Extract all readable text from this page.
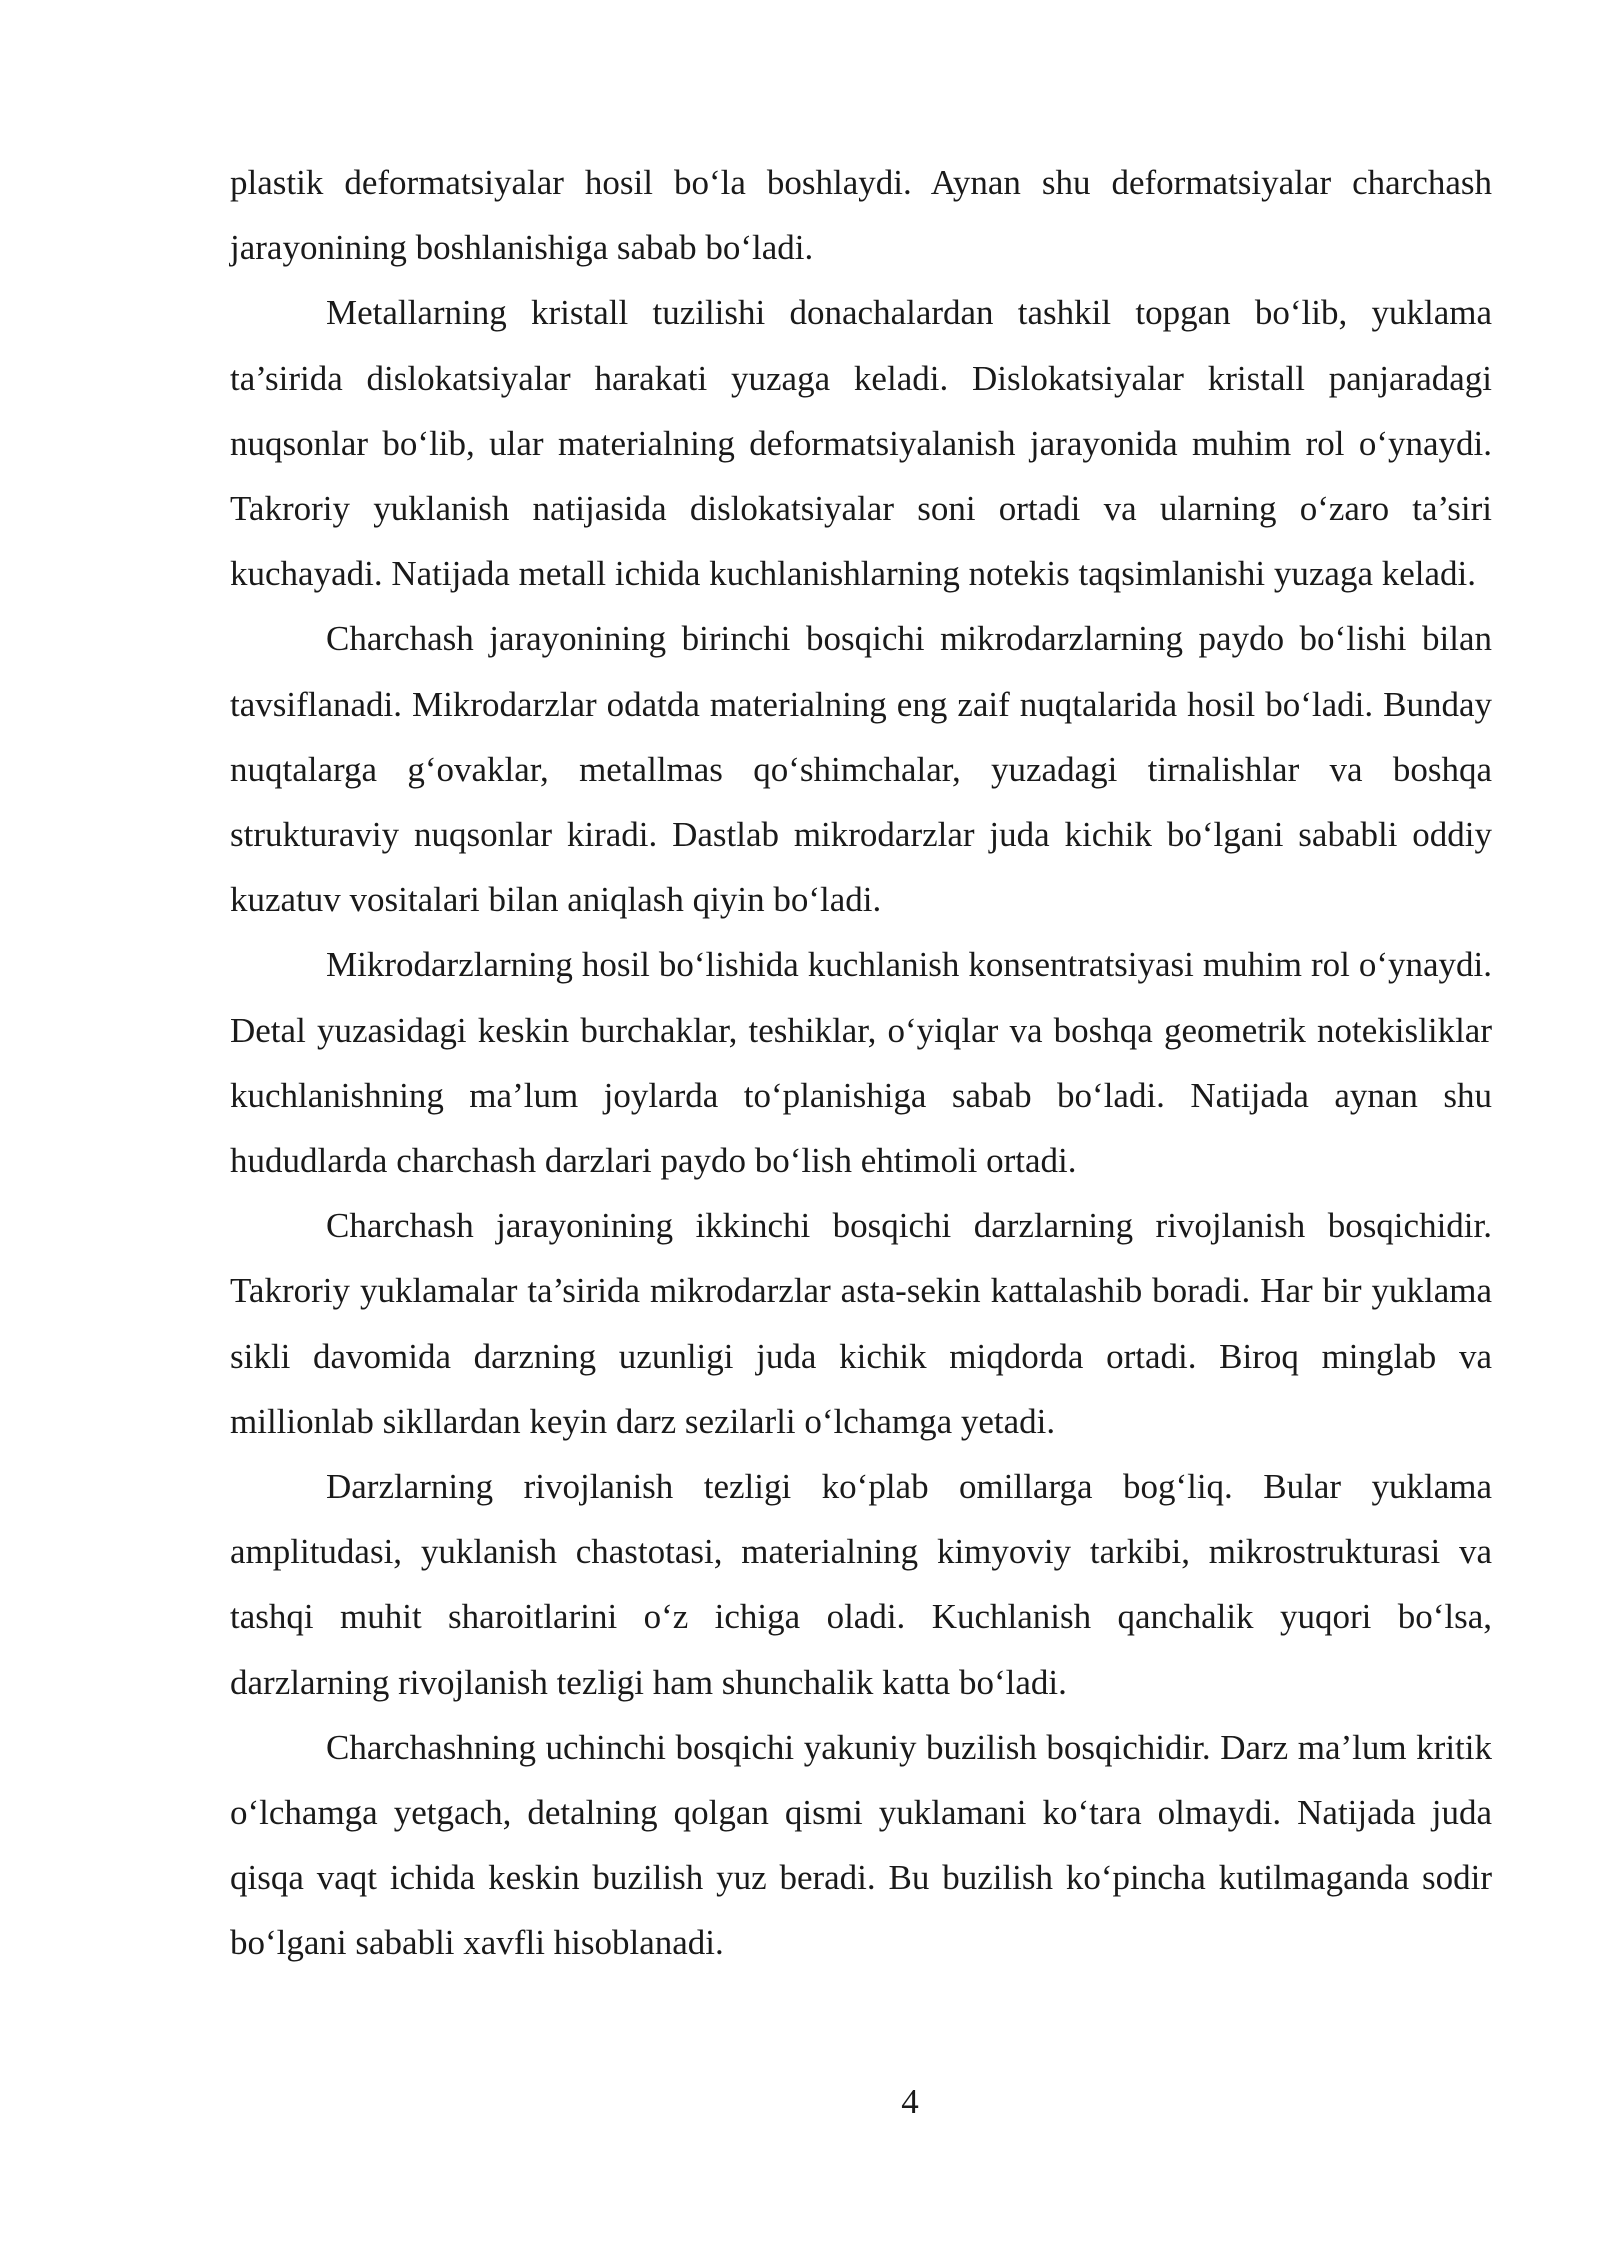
plastik deformatsiyalar hosil boʻla boshlaydi. Aynan shu deformatsiyalar charchash jarayonining boshlanishiga sabab boʻladi.

Metallarning kristall tuzilishi donachalardan tashkil topgan boʻlib, yuklama ta’sirida dislokatsiyalar harakati yuzaga keladi. Dislokatsiyalar kristall panjaradagi nuqsonlar boʻlib, ular materialning deformatsiyalanish jarayonida muhim rol oʻynaydi. Takroriy yuklanish natijasida dislokatsiyalar soni ortadi va ularning oʻzaro ta’siri kuchayadi. Natijada metall ichida kuchlanishlarning notekis taqsimlanishi yuzaga keladi.

Charchash jarayonining birinchi bosqichi mikrodarzlarning paydo boʻlishi bilan tavsiflanadi. Mikrodarzlar odatda materialning eng zaif nuqtalarida hosil boʻladi. Bunday nuqtalarga gʻovaklar, metallmas qoʻshimchalar, yuzadagi tirnalishlar va boshqa strukturaviy nuqsonlar kiradi. Dastlab mikrodarzlar juda kichik boʻlgani sababli oddiy kuzatuv vositalari bilan aniqlash qiyin boʻladi.

Mikrodarzlarning hosil boʻlishida kuchlanish konsentratsiyasi muhim rol oʻynaydi. Detal yuzasidagi keskin burchaklar, teshiklar, oʻyiqlar va boshqa geometrik notekisliklar kuchlanishning ma’lum joylarda toʻplanishiga sabab boʻladi. Natijada aynan shu hududlarda charchash darzlari paydo boʻlish ehtimoli ortadi.

Charchash jarayonining ikkinchi bosqichi darzlarning rivojlanish bosqichidir. Takroriy yuklamalar ta’sirida mikrodarzlar asta-sekin kattalashib boradi. Har bir yuklama sikli davomida darzning uzunligi juda kichik miqdorda ortadi. Biroq minglab va millionlab sikllardan keyin darz sezilarli oʻlchamga yetadi.

Darzlarning rivojlanish tezligi koʻplab omillarga bogʻliq. Bular yuklama amplitudasi, yuklanish chastotasi, materialning kimyoviy tarkibi, mikrostrukturasi va tashqi muhit sharoitlarini oʻz ichiga oladi. Kuchlanish qanchalik yuqori boʻlsa, darzlarning rivojlanish tezligi ham shunchalik katta boʻladi.

Charchashning uchinchi bosqichi yakuniy buzilish bosqichidir. Darz ma’lum kritik oʻlchamga yetgach, detalning qolgan qismi yuklamani koʻtara olmaydi. Natijada juda qisqa vaqt ichida keskin buzilish yuz beradi. Bu buzilish koʻpincha kutilmaganda sodir boʻlgani sababli xavfli hisoblanadi.

4
